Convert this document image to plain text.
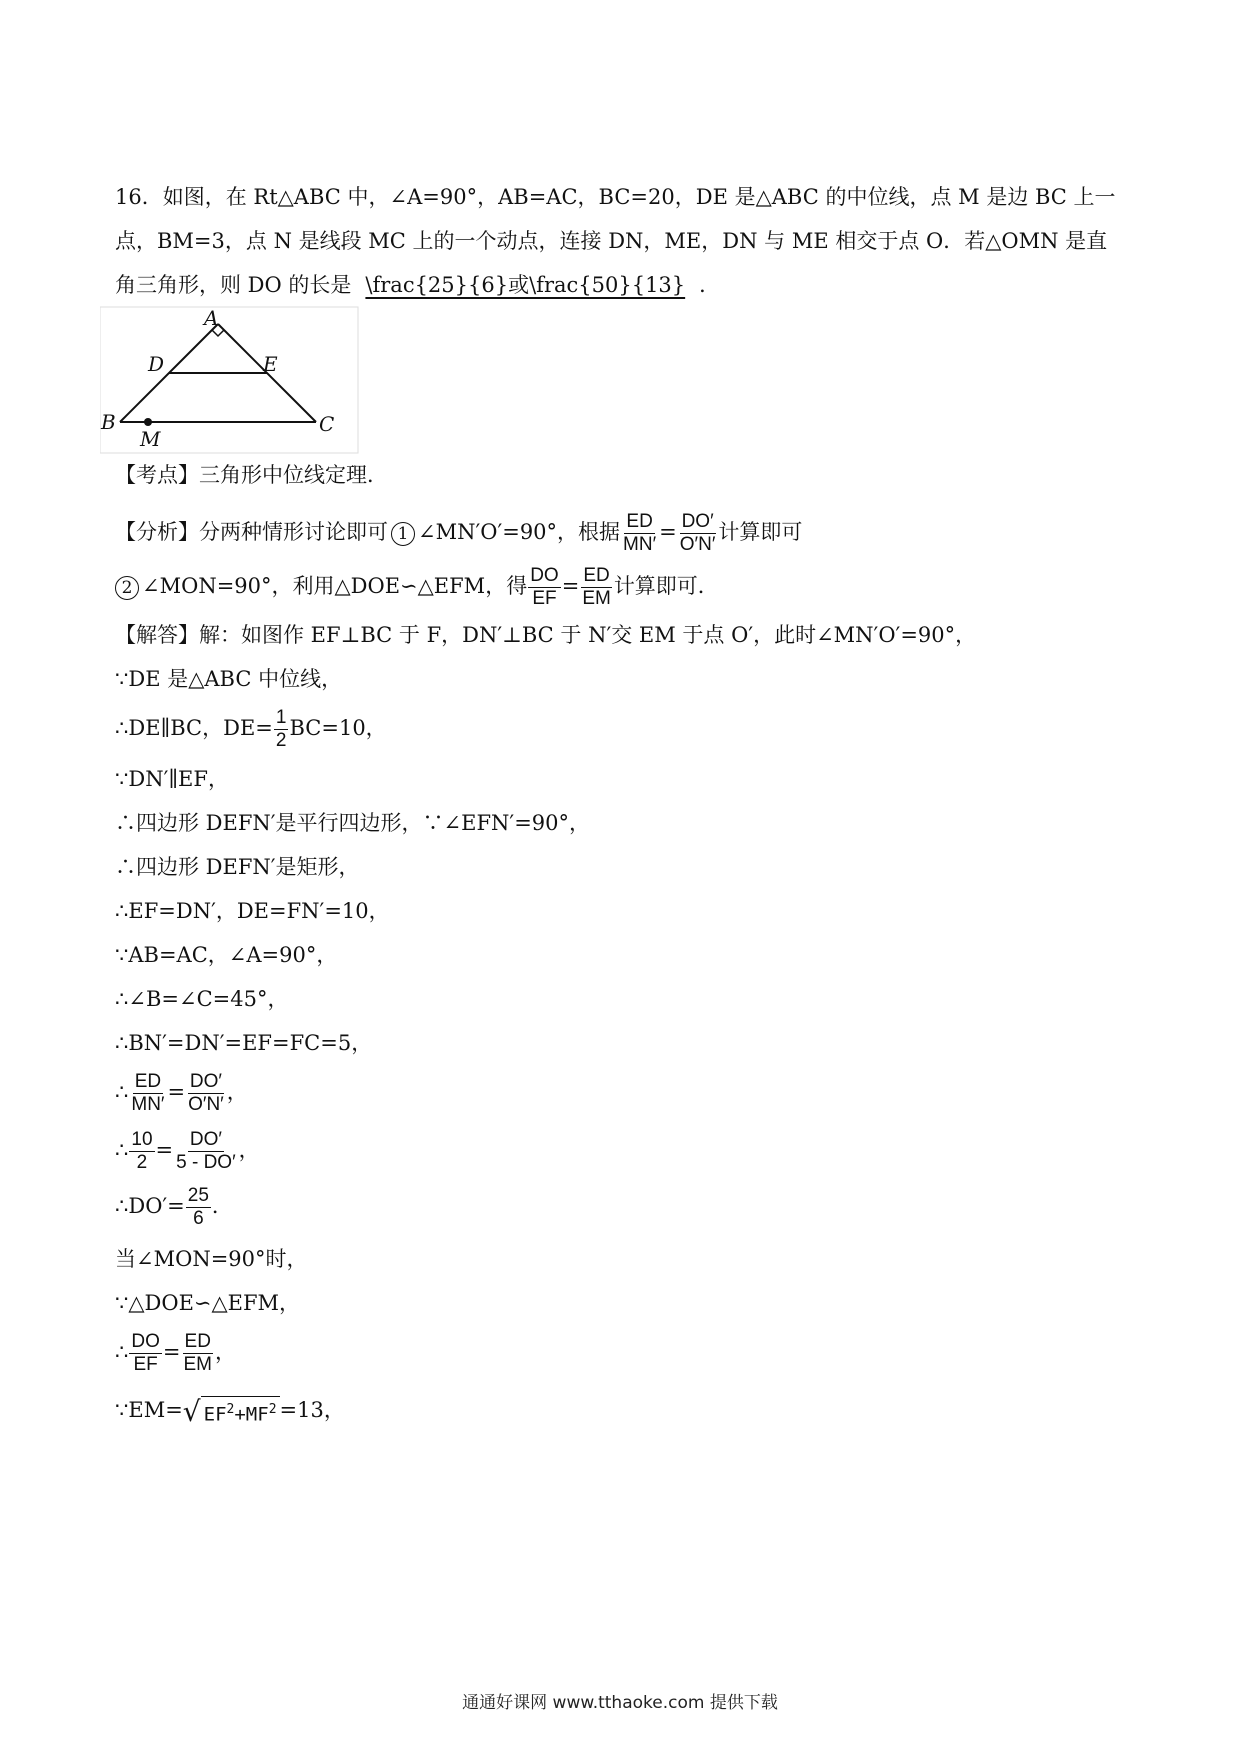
16．如图，在 Rt△ABC 中，∠A=90°，AB=AC，BC=20，DE 是△ABC 的中位线，点 M 是边 BC 上一
点，BM=3，点 N 是线段 MC 上的一个动点，连接 DN，ME，DN 与 ME 相交于点 O．若△OMN 是直
角三角形，则 DO 的长是 \frac{25}{6}或\frac{50}{13} ．
A
D	E
B	C
M
【考点】三角形中位线定理．
【分析】分两种情形讨论即可 1 ∠MN′O′=90°，根据 $\frac{ED}{MN'} = \frac{DO'}{O'N'}$ 计算即可
2 ∠MON=90°，利用△DOE∽△EFM，得 $\frac{DO}{EF} = \frac{ED}{EM}$ 计算即可．
【解答】解：如图作 EF⊥BC 于 F，DN′⊥BC 于 N′交 EM 于点 O′，此时∠MN′O′=90°，
∵DE 是△ABC 中位线，
∴DE∥BC，$DE= \frac{1}{2} BC=10$，
∵DN′∥EF，
∴四边形 DEFN′是平行四边形，∵∠EFN′=90°，
∴四边形 DEFN′是矩形，
∴EF=DN′，DE=FN′=10，
∵AB=AC，∠A=90°，
∴∠B=∠C=45°，
∴BN′=DN′=EF=FC=5，
∴ $\frac{ED}{MN'} = \frac{DO'}{O'N'}$ ，
∴ $\frac{10}{2} = \frac{DO'}{5 - DO'}$ ，
∴DO′= $\frac{25}{6}$ ．
当∠MON=90°时，
∵△DOE∽△EFM，
∴ $\frac{DO}{EF} = \frac{ED}{EM}$ ，
∵EM= √ $EF^2+MF^2 =13$，
通通好课网 www.tthaoke.com 提供下载
